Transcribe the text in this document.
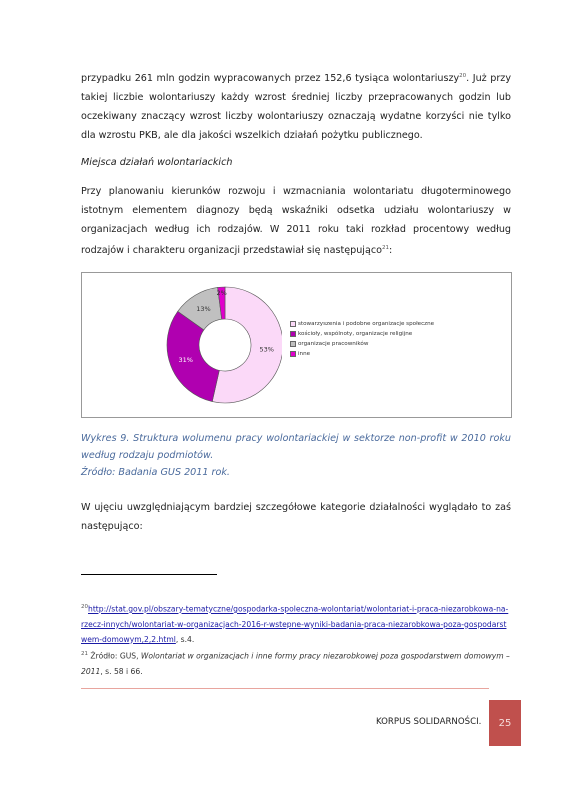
przypadku 261 mln godzin wypracowanych przez 152,6 tysiąca wolontariuszy$^{20}$. Już przy takiej liczbie wolontariuszy każdy wzrost średniej liczby przepracowanych godzin lub oczekiwany znaczący wzrost liczby wolontariuszy oznaczają wydatne korzyści nie tylko dla wzrostu PKB, ale dla jakości wszelkich działań pożytku publicznego.

Miejsca działań wolontariackich

Przy planowaniu kierunków rozwoju i wzmacniania wolontariatu długoterminowego istotnym elementem diagnozy będą wskaźniki odsetka udziału wolontariuszy w organizacjach według ich rodzajów. W 2011 roku taki rozkład procentowy według rodzajów i charakteru organizacji przedstawiał się następująco$^{21}$:

53%
31%
13%
2%
stowarzyszenia i podobne organizacje społeczne
kościoły, wspólnoty, organizacje religijne
organizacje pracowników
inne
Wykres 9. Struktura wolumenu pracy wolontariackiej w sektorze non-profit w 2010 roku według rodzaju podmiotów.
Źródło: Badania GUS 2011 rok.

W ujęciu uwzględniającym bardziej szczegółowe kategorie działalności wyglądało to zaś następująco:

$^{20}$http://stat.gov.pl/obszary-tematyczne/gospodarka-spoleczna-wolontariat/wolontariat-i-praca-niezarobkowa-na-rzecz-innych/wolontariat-w-organizacjach-2016-r-wstepne-wyniki-badania-praca-niezarobkowa-poza-gospodarstwem-domowym,2,2.html, s.4.

$^{21}$ Źródło: GUS, Wolontariat w organizacjach i inne formy pracy niezarobkowej poza gospodarstwem domowym – 2011, s. 58 i 66.

KORPUS SOLIDARNOŚCI.	25
